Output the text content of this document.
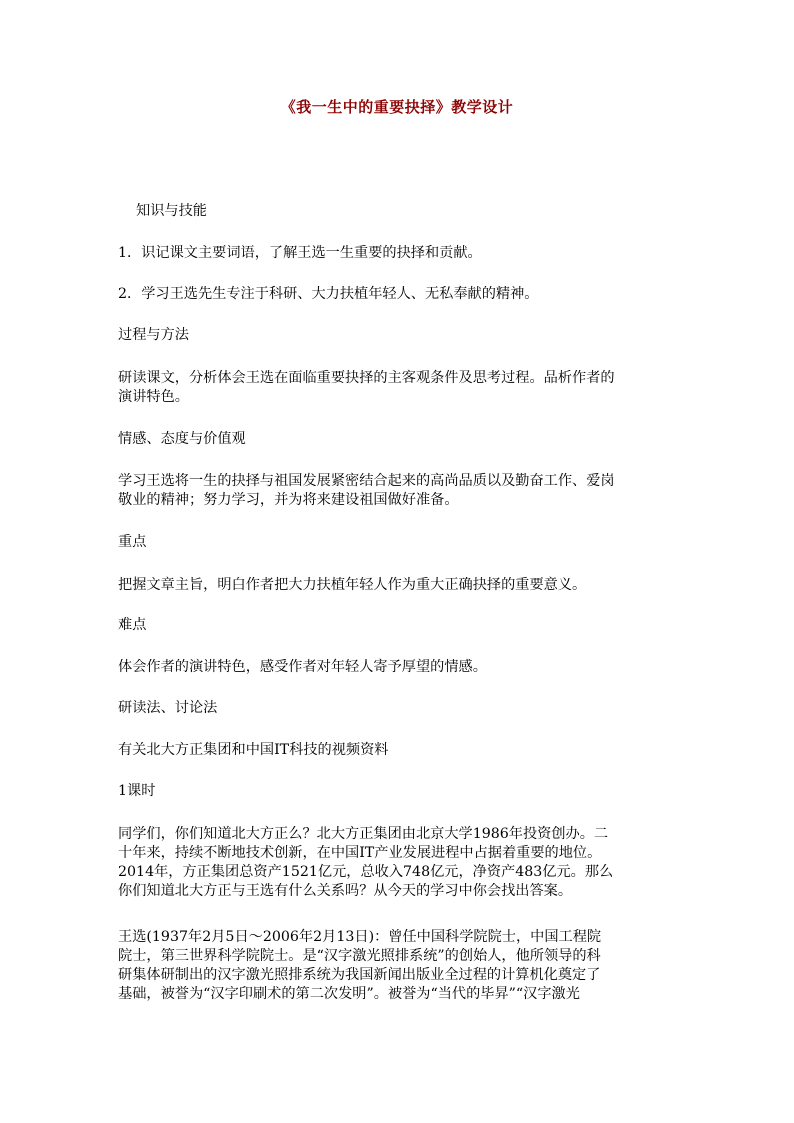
《我一生中的重要抉择》教学设计
知识与技能
1．识记课文主要词语，了解王选一生重要的抉择和贡献。
2．学习王选先生专注于科研、大力扶植年轻人、无私奉献的精神。
过程与方法
研读课文，分析体会王选在面临重要抉择的主客观条件及思考过程。品析作者的
演讲特色。
情感、态度与价值观
学习王选将一生的抉择与祖国发展紧密结合起来的高尚品质以及勤奋工作、爱岗
敬业的精神；努力学习，并为将来建设祖国做好准备。
重点
把握文章主旨，明白作者把大力扶植年轻人作为重大正确抉择的重要意义。
难点
体会作者的演讲特色，感受作者对年轻人寄予厚望的情感。
研读法、讨论法
有关北大方正集团和中国IT科技的视频资料
1课时
同学们，你们知道北大方正么？北大方正集团由北京大学1986年投资创办。二
十年来，持续不断地技术创新，在中国IT产业发展进程中占据着重要的地位。
2014年，方正集团总资产1521亿元，总收入748亿元，净资产483亿元。那么
你们知道北大方正与王选有什么关系吗？从今天的学习中你会找出答案。
王选(1937年2月5日～2006年2月13日)：曾任中国科学院院士，中国工程院
院士，第三世界科学院院士。是“汉字激光照排系统”的创始人，他所领导的科
研集体研制出的汉字激光照排系统为我国新闻出版业全过程的计算机化奠定了
基础，被誉为“汉字印刷术的第二次发明”。被誉为“当代的毕昇”“汉字激光
